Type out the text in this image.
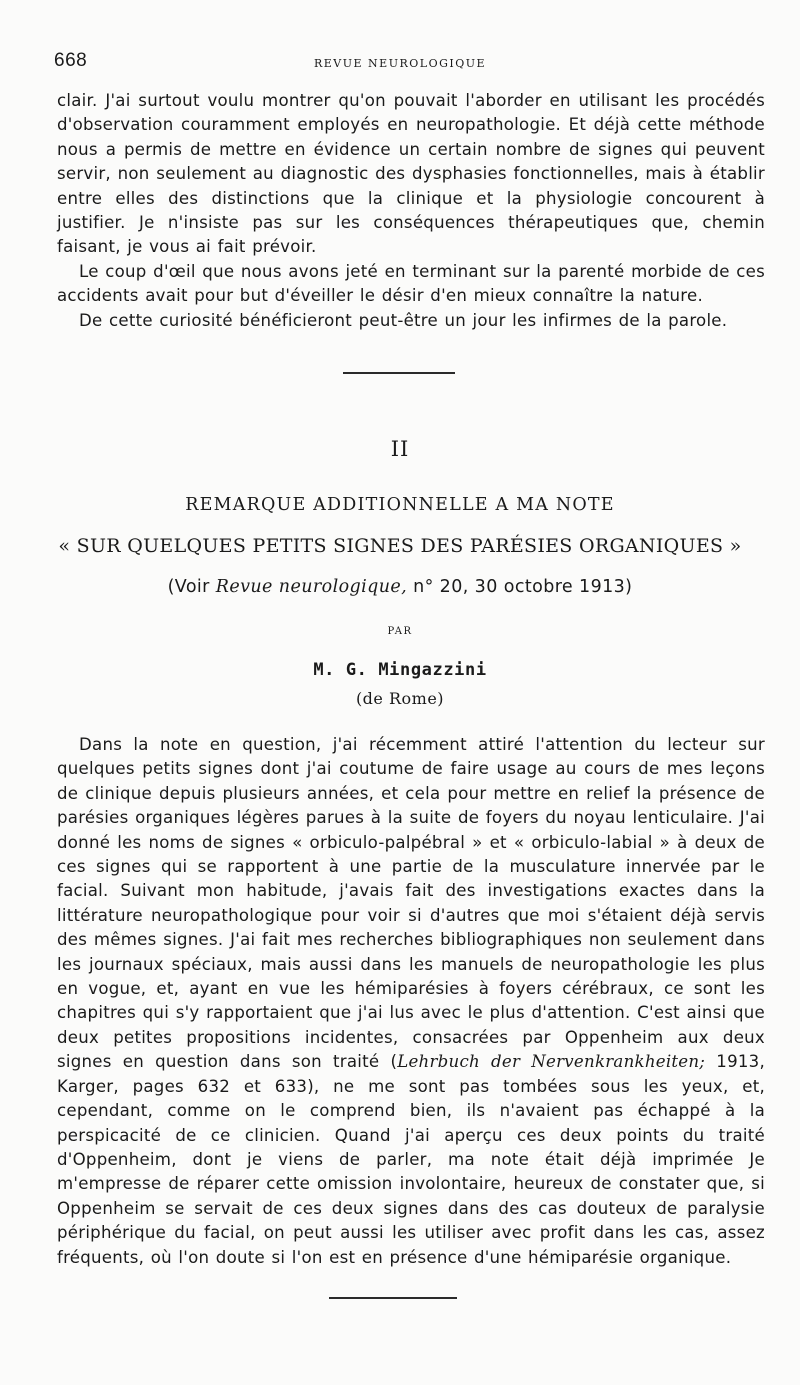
668	REVUE NEUROLOGIQUE

clair. J'ai surtout voulu montrer qu'on pouvait l'aborder en utilisant les procédés d'observation couramment employés en neuropathologie. Et déjà cette méthode nous a permis de mettre en évidence un certain nombre de signes qui peuvent servir, non seulement au diagnostic des dysphasies fonctionnelles, mais à établir entre elles des distinctions que la clinique et la physiologie concourent à justifier. Je n'insiste pas sur les conséquences thérapeutiques que, chemin faisant, je vous ai fait prévoir.

Le coup d'œil que nous avons jeté en terminant sur la parenté morbide de ces accidents avait pour but d'éveiller le désir d'en mieux connaître la nature.

De cette curiosité bénéficieront peut-être un jour les infirmes de la parole.

II
REMARQUE ADDITIONNELLE A MA NOTE
« SUR QUELQUES PETITS SIGNES DES PARÉSIES ORGANIQUES »
(Voir Revue neurologique, n° 20, 30 octobre 1913)
PAR
M. G. Mingazzini
(de Rome)

Dans la note en question, j'ai récemment attiré l'attention du lecteur sur quelques petits signes dont j'ai coutume de faire usage au cours de mes leçons de clinique depuis plusieurs années, et cela pour mettre en relief la présence de parésies organiques légères parues à la suite de foyers du noyau lenticulaire. J'ai donné les noms de signes « orbiculo-palpébral » et « orbiculo-labial » à deux de ces signes qui se rapportent à une partie de la musculature innervée par le facial. Suivant mon habitude, j'avais fait des investigations exactes dans la littérature neuropathologique pour voir si d'autres que moi s'étaient déjà servis des mêmes signes. J'ai fait mes recherches bibliographiques non seulement dans les journaux spéciaux, mais aussi dans les manuels de neuropathologie les plus en vogue, et, ayant en vue les hémiparésies à foyers cérébraux, ce sont les chapitres qui s'y rapportaient que j'ai lus avec le plus d'attention. C'est ainsi que deux petites propositions incidentes, consacrées par Oppenheim aux deux signes en question dans son traité (Lehrbuch der Nervenkrankheiten; 1913, Karger, pages 632 et 633), ne me sont pas tombées sous les yeux, et, cependant, comme on le comprend bien, ils n'avaient pas échappé à la perspicacité de ce clinicien. Quand j'ai aperçu ces deux points du traité d'Oppenheim, dont je viens de parler, ma note était déjà imprimée Je m'empresse de réparer cette omission involontaire, heureux de constater que, si Oppenheim se servait de ces deux signes dans des cas douteux de paralysie périphérique du facial, on peut aussi les utiliser avec profit dans les cas, assez fréquents, où l'on doute si l'on est en présence d'une hémiparésie organique.
